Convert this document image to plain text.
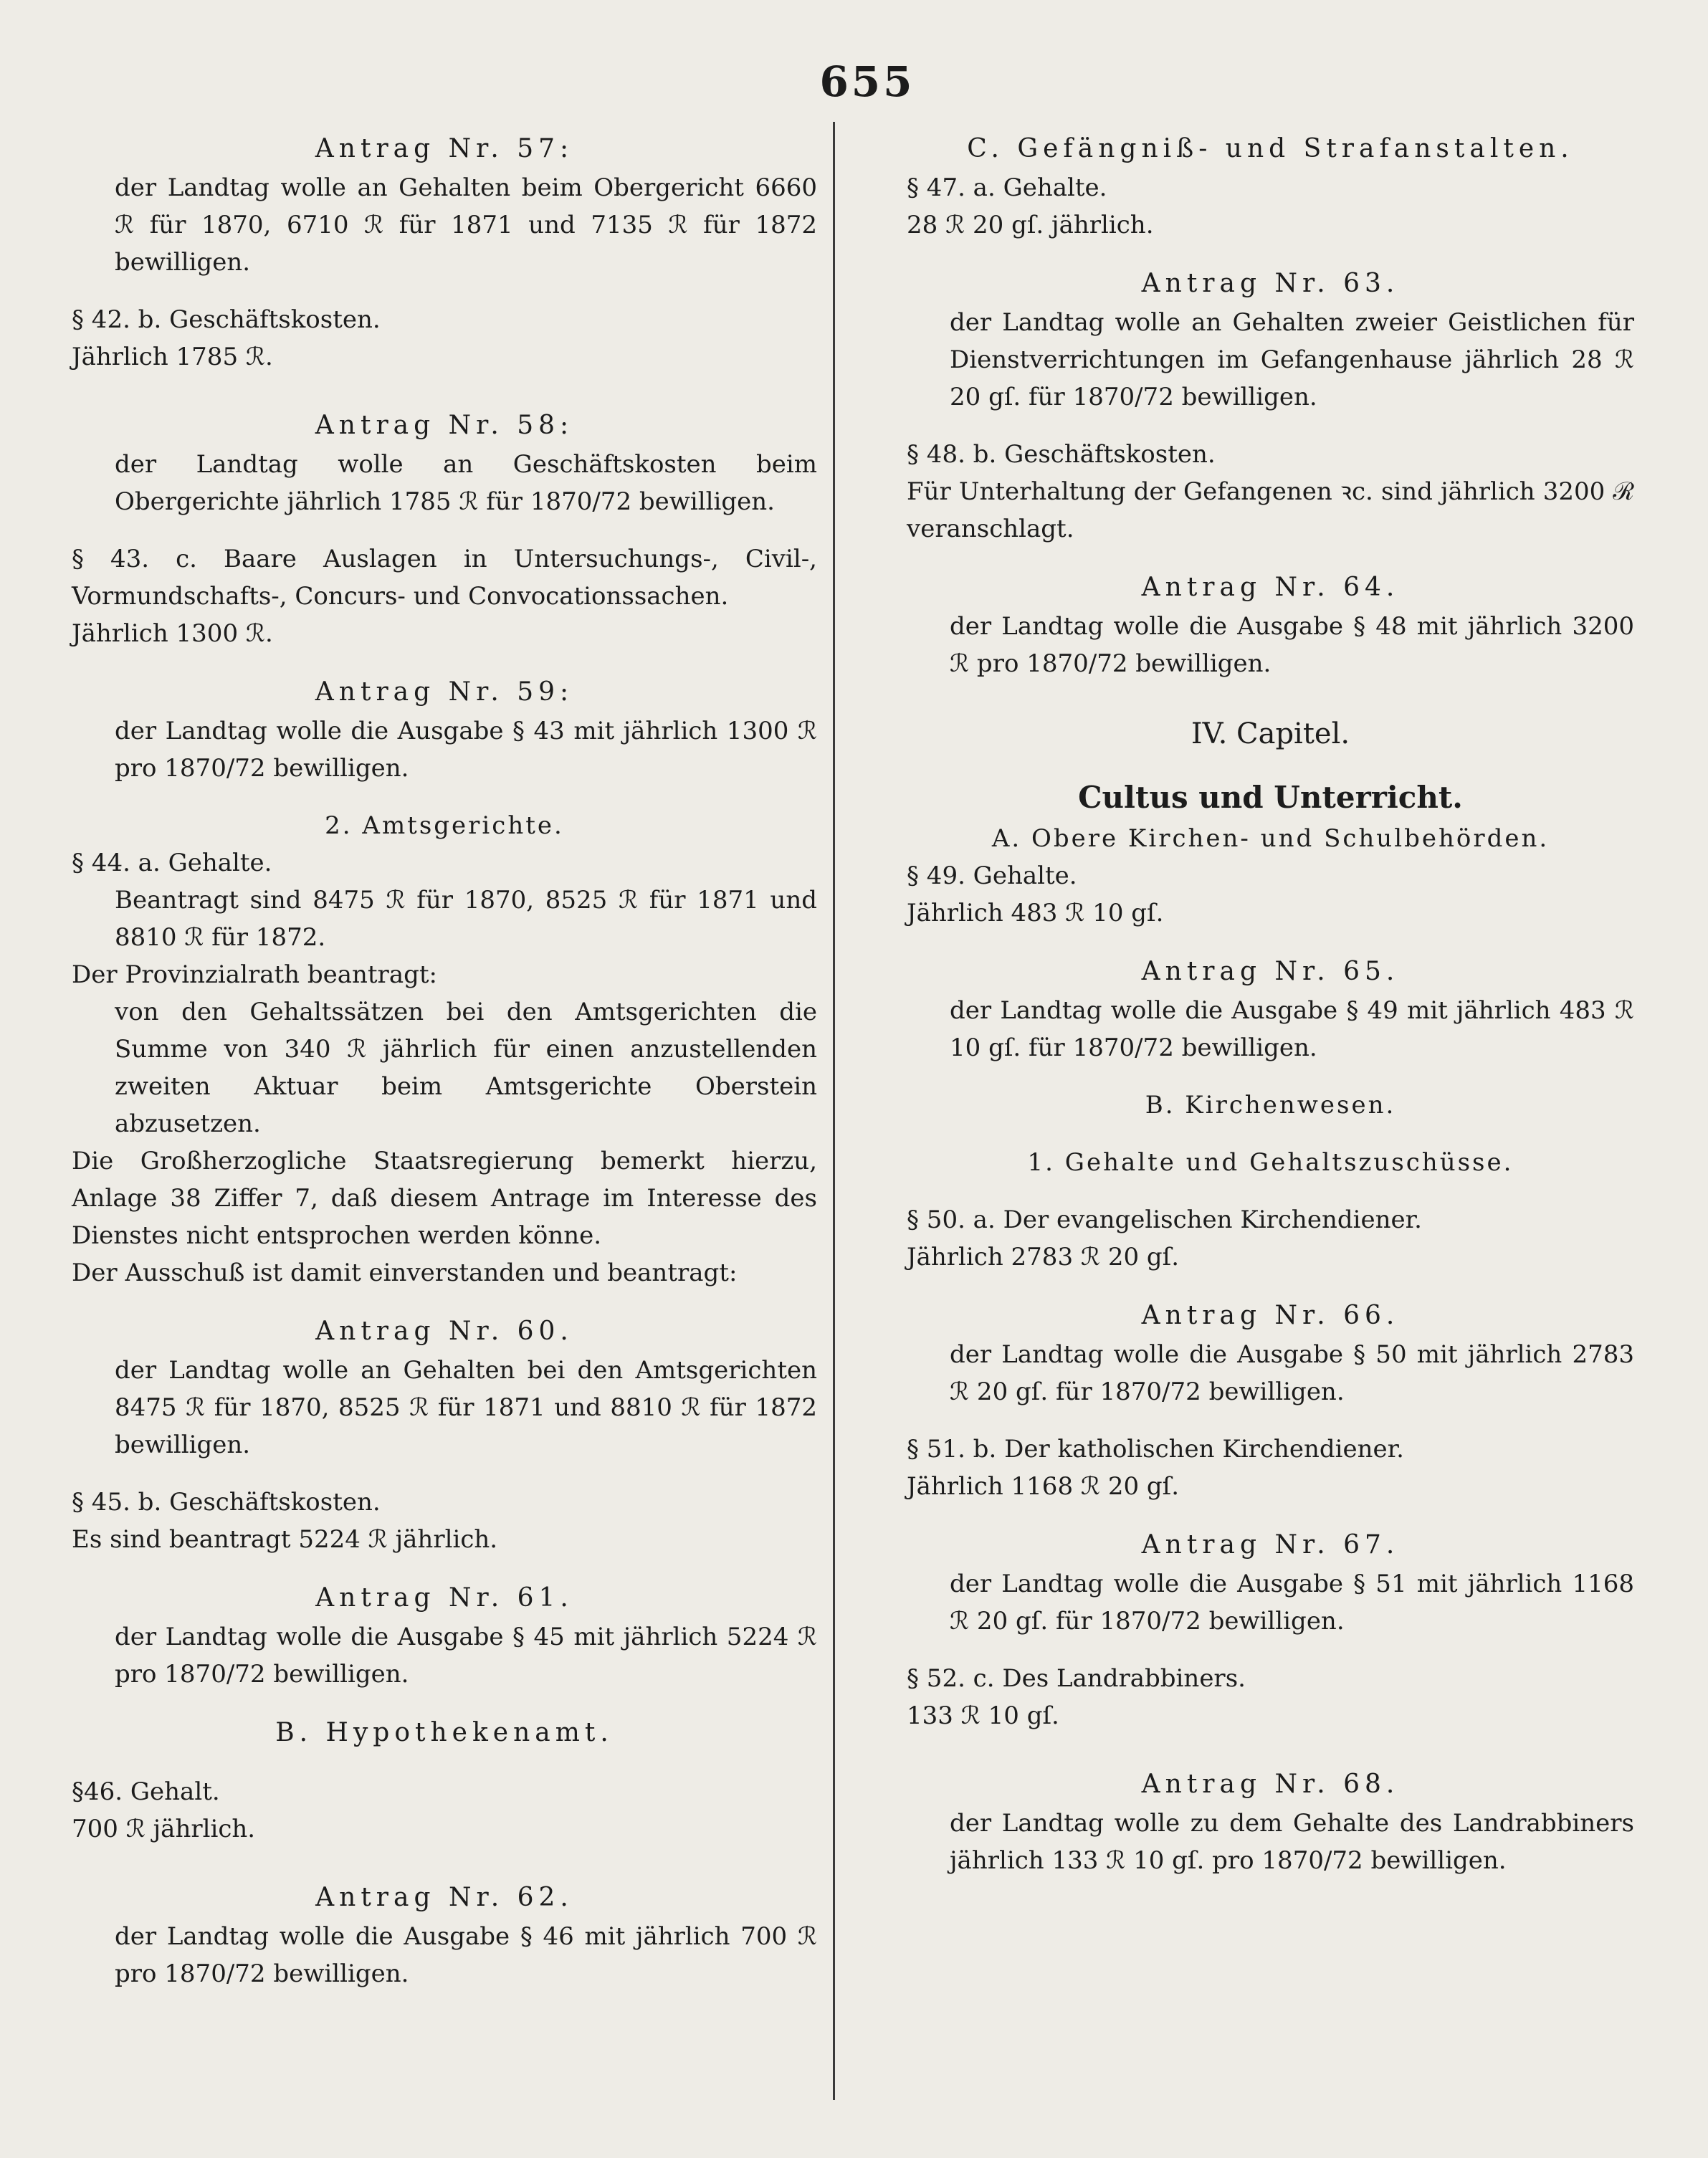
655

Antrag Nr. 57:

der Landtag wolle an Gehalten beim Obergericht 6660 ℛ für 1870, 6710 ℛ für 1871 und 7135 ℛ für 1872 bewilligen.

§ 42. b. Geschäftskosten.

Jährlich 1785 ℛ.

Antrag Nr. 58:

der Landtag wolle an Geschäftskosten beim Obergerichte jährlich 1785 ℛ für 1870/72 bewilligen.

§ 43. c. Baare Auslagen in Untersuchungs-, Civil-, Vormundschafts-, Concurs- und Convocationssachen.

Jährlich 1300 ℛ.

Antrag Nr. 59:

der Landtag wolle die Ausgabe § 43 mit jährlich 1300 ℛ pro 1870/72 bewilligen.

2. Amtsgerichte.

§ 44. a. Gehalte.

Beantragt sind 8475 ℛ für 1870, 8525 ℛ für 1871 und 8810 ℛ für 1872.

Der Provinzialrath beantragt:

von den Gehaltssätzen bei den Amtsgerichten die Summe von 340 ℛ jährlich für einen anzustellenden zweiten Aktuar beim Amtsgerichte Oberstein abzusetzen.

Die Großherzogliche Staatsregierung bemerkt hierzu, Anlage 38 Ziffer 7, daß diesem Antrage im Interesse des Dienstes nicht entsprochen werden könne.

Der Ausschuß ist damit einverstanden und beantragt:

Antrag Nr. 60.

der Landtag wolle an Gehalten bei den Amtsgerichten 8475 ℛ für 1870, 8525 ℛ für 1871 und 8810 ℛ für 1872 bewilligen.

§ 45. b. Geschäftskosten.

Es sind beantragt 5224 ℛ jährlich.

Antrag Nr. 61.

der Landtag wolle die Ausgabe § 45 mit jährlich 5224 ℛ pro 1870/72 bewilligen.

B. Hypothekenamt.

§46. Gehalt.

700 ℛ jährlich.

Antrag Nr. 62.

der Landtag wolle die Ausgabe § 46 mit jährlich 700 ℛ pro 1870/72 bewilligen.

C. Gefängniß- und Strafanstalten.

§ 47. a. Gehalte.

28 ℛ 20 gſ. jährlich.

Antrag Nr. 63.

der Landtag wolle an Gehalten zweier Geistlichen für Dienstverrichtungen im Gefangenhause jährlich 28 ℛ 20 gſ. für 1870/72 bewilligen.

§ 48. b. Geschäftskosten.

Für Unterhaltung der Gefangenen ꝛc. sind jährlich 3200 ℛ veranschlagt.

Antrag Nr. 64.

der Landtag wolle die Ausgabe § 48 mit jährlich 3200 ℛ pro 1870/72 bewilligen.

IV. Capitel.

Cultus und Unterricht.

A. Obere Kirchen- und Schulbehörden.

§ 49. Gehalte.

Jährlich 483 ℛ 10 gſ.

Antrag Nr. 65.

der Landtag wolle die Ausgabe § 49 mit jährlich 483 ℛ 10 gſ. für 1870/72 bewilligen.

B. Kirchenwesen.

1. Gehalte und Gehaltszuschüsse.

§ 50. a. Der evangelischen Kirchendiener.

Jährlich 2783 ℛ 20 gſ.

Antrag Nr. 66.

der Landtag wolle die Ausgabe § 50 mit jährlich 2783 ℛ 20 gſ. für 1870/72 bewilligen.

§ 51. b. Der katholischen Kirchendiener.

Jährlich 1168 ℛ 20 gſ.

Antrag Nr. 67.

der Landtag wolle die Ausgabe § 51 mit jährlich 1168 ℛ 20 gſ. für 1870/72 bewilligen.

§ 52. c. Des Landrabbiners.

133 ℛ 10 gſ.

Antrag Nr. 68.

der Landtag wolle zu dem Gehalte des Landrabbiners jährlich 133 ℛ 10 gſ. pro 1870/72 bewilligen.
